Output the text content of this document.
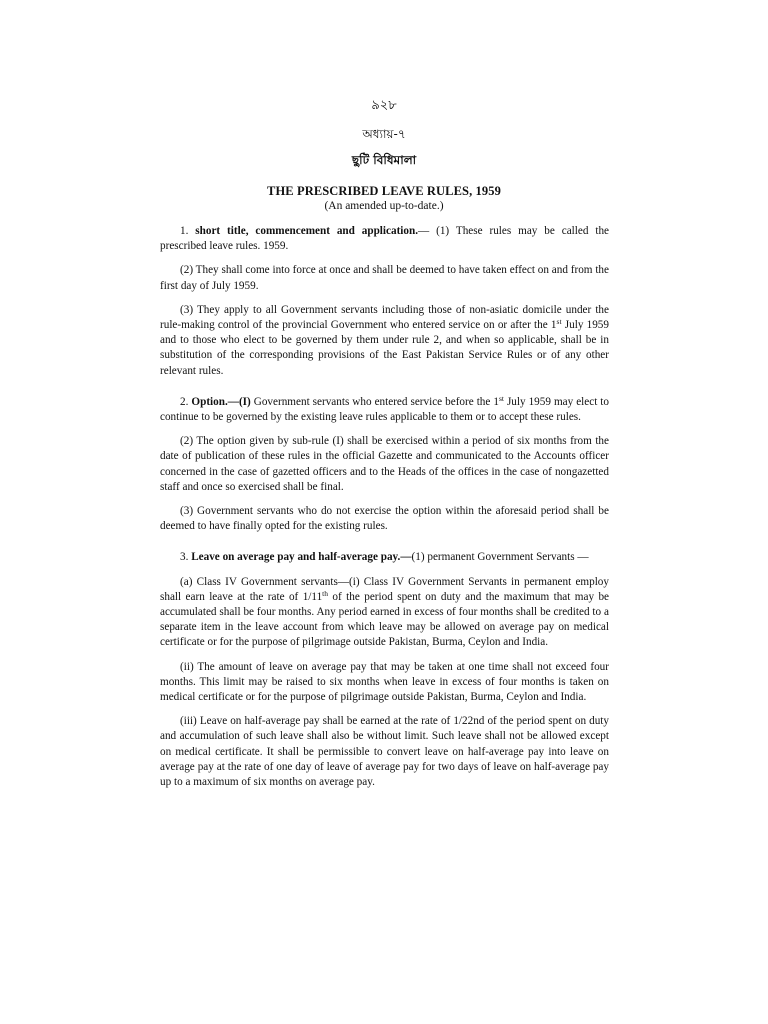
৯২৮
অধ্যায়-৭
ছুটি বিধিমালা
THE PRESCRIBED LEAVE RULES, 1959
(An amended up-to-date.)

1. short title, commencement and application.— (1) These rules may be called the prescribed leave rules. 1959.

(2) They shall come into force at once and shall be deemed to have taken effect on and from the first day of July 1959.

(3) They apply to all Government servants including those of non-asiatic domicile under the rule-making control of the provincial Government who entered service on or after the 1st July 1959 and to those who elect to be governed by them under rule 2, and when so applicable, shall be in substitution of the corresponding provisions of the East Pakistan Service Rules or of any other relevant rules.

2. Option.—(I) Government servants who entered service before the 1st July 1959 may elect to continue to be governed by the existing leave rules applicable to them or to accept these rules.

(2) The option given by sub-rule (I) shall be exercised within a period of six months from the date of publication of these rules in the official Gazette and communicated to the Accounts officer concerned in the case of gazetted officers and to the Heads of the offices in the case of nongazetted staff and once so exercised shall be final.

(3) Government servants who do not exercise the option within the aforesaid period shall be deemed to have finally opted for the existing rules.

3. Leave on average pay and half-average pay.—(1) permanent Government Servants —

(a) Class IV Government servants—(i) Class IV Government Servants in permanent employ shall earn leave at the rate of 1/11th of the period spent on duty and the maximum that may be accumulated shall be four months. Any period earned in excess of four months shall be credited to a separate item in the leave account from which leave may be allowed on average pay on medical certificate or for the purpose of pilgrimage outside Pakistan, Burma, Ceylon and India.

(ii) The amount of leave on average pay that may be taken at one time shall not exceed four months. This limit may be raised to six months when leave in excess of four months is taken on medical certificate or for the purpose of pilgrimage outside Pakistan, Burma, Ceylon and India.

(iii) Leave on half-average pay shall be earned at the rate of 1/22nd of the period spent on duty and accumulation of such leave shall also be without limit. Such leave shall not be allowed except on medical certificate. It shall be permissible to convert leave on half-average pay into leave on average pay at the rate of one day of leave of average pay for two days of leave on half-average pay up to a maximum of six months on average pay.
